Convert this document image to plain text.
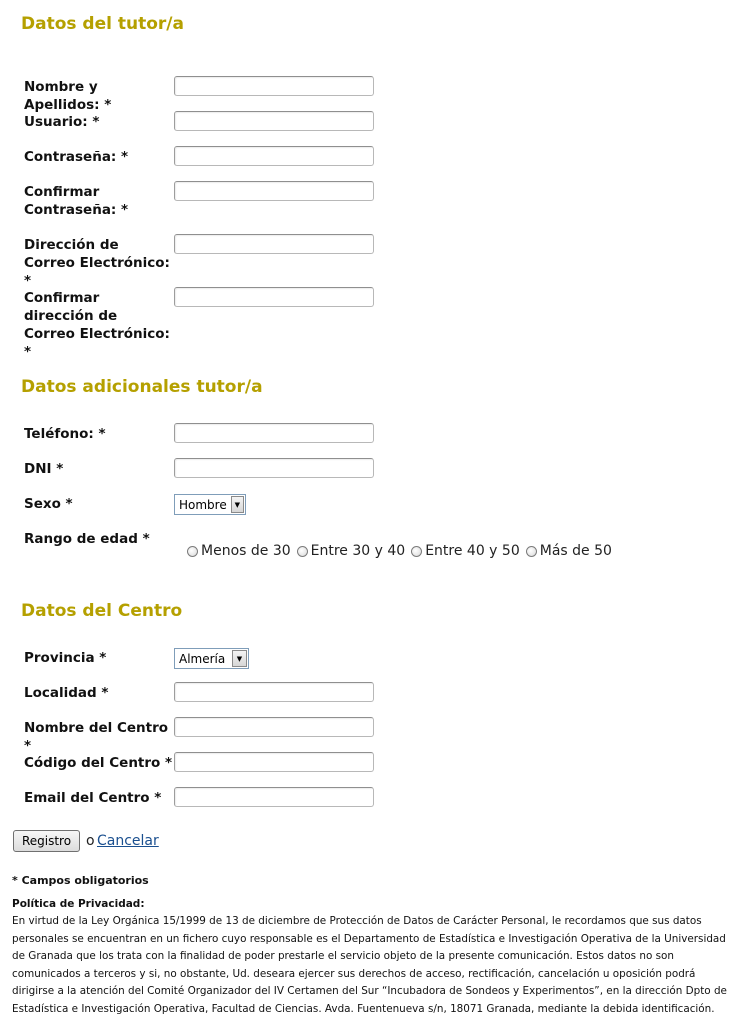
Datos del tutor/a
Nombre y Apellidos: *
Usuario: *
Contraseña: *
Confirmar Contraseña: *
Dirección de Correo Electrónico: *
Confirmar dirección de Correo Electrónico: *
Datos adicionales tutor/a
Teléfono: *
DNI *
Sexo *	Hombre	▼
Rango de edad *
Menos de 30 Entre 30 y 40 Entre 40 y 50 Más de 50
Datos del Centro
Provincia *	Almería	▼
Localidad *
Nombre del Centro *
Código del Centro *
Email del Centro *
Registro	o Cancelar
* Campos obligatorios
Política de Privacidad:
En virtud de la Ley Orgánica 15/1999 de 13 de diciembre de Protección de Datos de Carácter Personal, le recordamos que sus datos personales se encuentran en un fichero cuyo responsable es el Departamento de Estadística e Investigación Operativa de la Universidad de Granada que los trata con la finalidad de poder prestarle el servicio objeto de la presente comunicación. Estos datos no son comunicados a terceros y si, no obstante, Ud. deseara ejercer sus derechos de acceso, rectificación, cancelación u oposición podrá dirigirse a la atención del Comité Organizador del IV Certamen del Sur “Incubadora de Sondeos y Experimentos”, en la dirección Dpto de Estadística e Investigación Operativa, Facultad de Ciencias. Avda. Fuentenueva s/n, 18071 Granada, mediante la debida identificación.
